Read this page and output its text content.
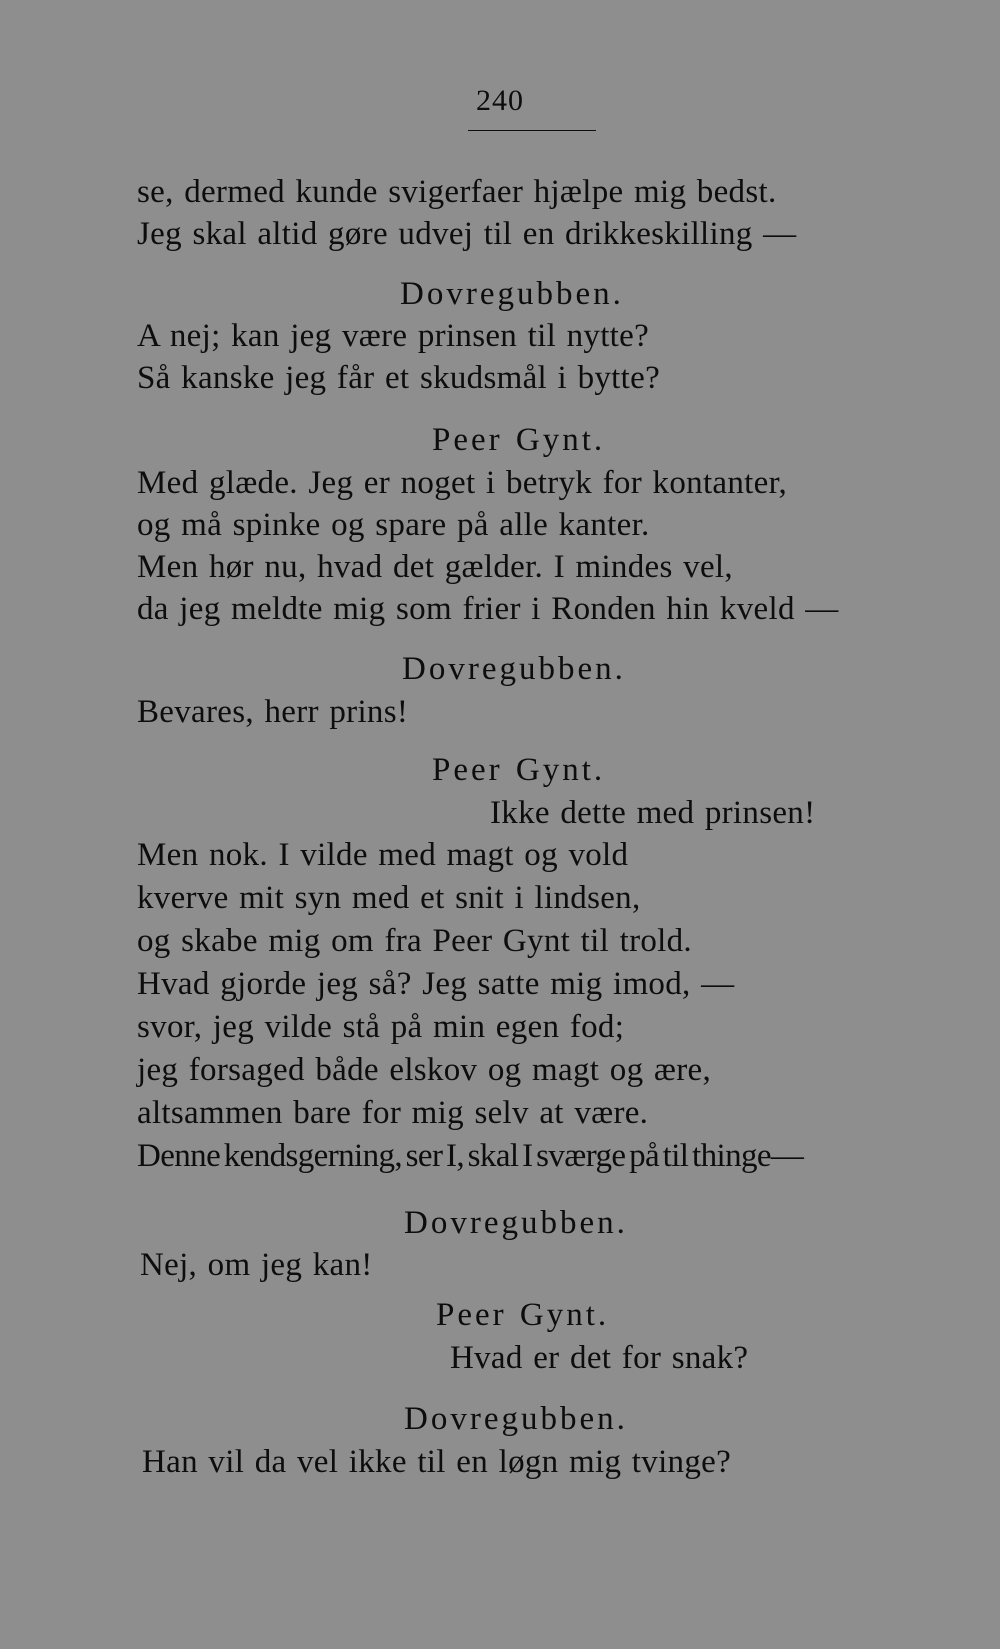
240
se, dermed kunde svigerfaer hjælpe mig bedst.
Jeg skal altid gøre udvej til en drikkeskilling —
Dovregubben.
A nej; kan jeg være prinsen til nytte?
Så kanske jeg får et skudsmål i bytte?
Peer Gynt.
Med glæde. Jeg er noget i betryk for kontanter,
og må spinke og spare på alle kanter.
Men hør nu, hvad det gælder. I mindes vel,
da jeg meldte mig som frier i Ronden hin kveld —
Dovregubben.
Bevares, herr prins!
Peer Gynt.
Ikke dette med prinsen!
Men nok. I vilde med magt og vold
kverve mit syn med et snit i lindsen,
og skabe mig om fra Peer Gynt til trold.
Hvad gjorde jeg så? Jeg satte mig imod, —
svor, jeg vilde stå på min egen fod;
jeg forsaged både elskov og magt og ære,
altsammen bare for mig selv at være.
Denne kendsgerning, ser I, skal I sværge på til thinge—
Dovregubben.
Nej, om jeg kan!
Peer Gynt.
Hvad er det for snak?
Dovregubben.
Han vil da vel ikke til en løgn mig tvinge?
